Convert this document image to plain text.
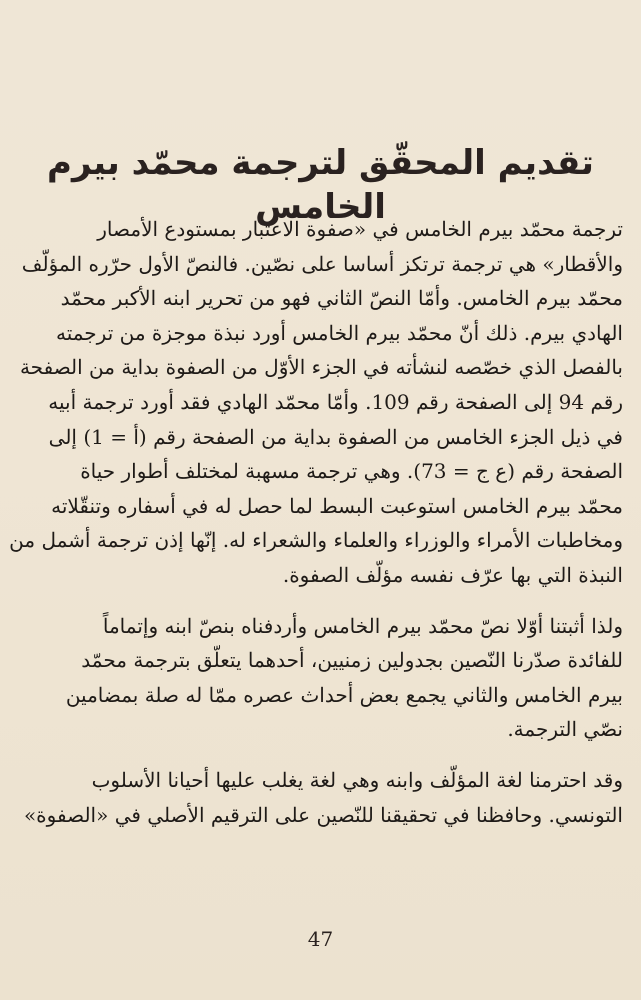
تقديم المحقّق لترجمة محمّد بيرم الخامس

ترجمة محمّد بيرم الخامس في «صفوة الاعتبار بمستودع الأمصار
والأقطار» هي ترجمة ترتكز أساسا على نصّين. فالنصّ الأول حرّره المؤلّف
محمّد بيرم الخامس. وأمّا النصّ الثاني فهو من تحرير ابنه الأكبر محمّد
الهادي بيرم. ذلك أنّ محمّد بيرم الخامس أورد نبذة موجزة من ترجمته
بالفصل الذي خصّصه لنشأته في الجزء الأوّل من الصفوة بداية من الصفحة
رقم 94 إلى الصفحة رقم 109. وأمّا محمّد الهادي فقد أورد ترجمة أبيه
في ذيل الجزء الخامس من الصفوة بداية من الصفحة رقم (أ = 1) إلى
الصفحة رقم (ع ج = 73). وهي ترجمة مسهبة لمختلف أطوار حياة
محمّد بيرم الخامس استوعبت البسط لما حصل له في أسفاره وتنقّلاته
ومخاطبات الأمراء والوزراء والعلماء والشعراء له. إنّها إذن ترجمة أشمل من
النبذة التي بها عرّف نفسه مؤلّف الصفوة.

ولذا أثبتنا أوّلا نصّ محمّد بيرم الخامس وأردفناه بنصّ ابنه وإتماماً
للفائدة صدّرنا النّصين بجدولين زمنيين، أحدهما يتعلّق بترجمة محمّد
بيرم الخامس والثاني يجمع بعض أحداث عصره ممّا له صلة بمضامين
نصّي الترجمة.

وقد احترمنا لغة المؤلّف وابنه وهي لغة يغلب عليها أحيانا الأسلوب
التونسي. وحافظنا في تحقيقنا للنّصين على الترقيم الأصلي في «الصفوة»

47
